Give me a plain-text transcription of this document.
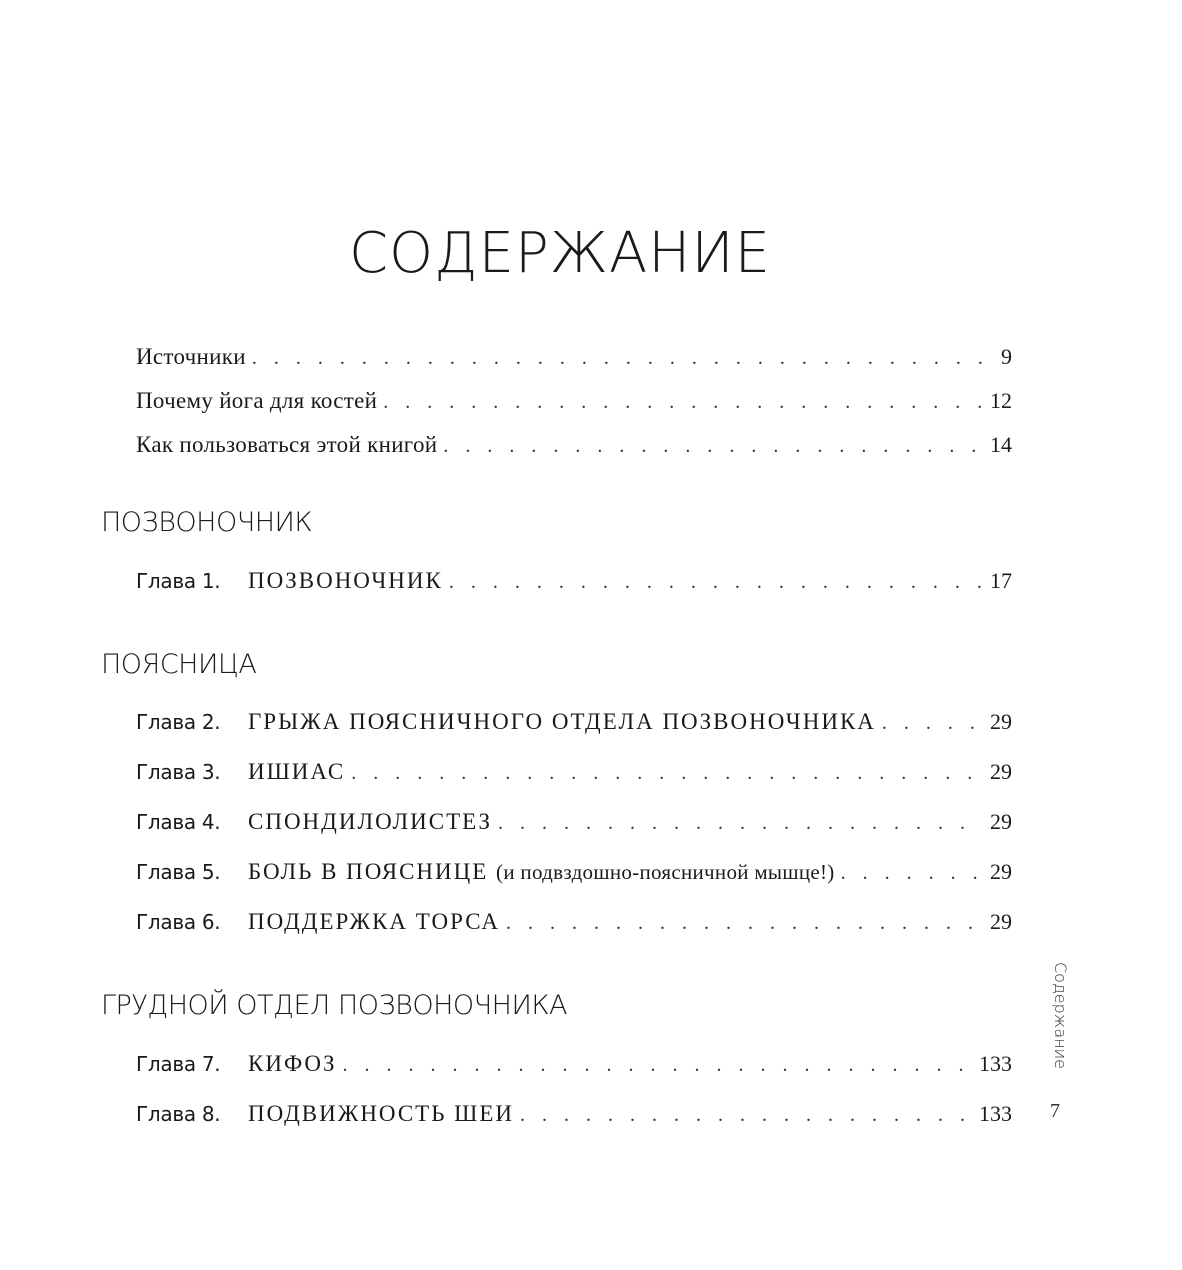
СОДЕРЖАНИЕ
Источники . . .	9
Почему йога для костей . . .	12
Как пользоваться этой книгой . . .	14
ПОЗВОНОЧНИК
Глава 1.	ПОЗВОНОЧНИК . . .	17
ПОЯСНИЦА
Глава 2.	ГРЫЖА ПОЯСНИЧНОГО ОТДЕЛА ПОЗВОНОЧНИКА . . .	29
Глава 3.	ИШИАС . . .	29
Глава 4.	СПОНДИЛОЛИСТЕЗ . . .	29
Глава 5.	БОЛЬ В ПОЯСНИЦЕ (и подвздошно-поясничной мышце!) . . .	29
Глава 6.	ПОДДЕРЖКА ТОРСА . . .	29
ГРУДНОЙ ОТДЕЛ ПОЗВОНОЧНИКА
Глава 7.	КИФОЗ . . .	133
Глава 8.	ПОДВИЖНОСТЬ ШЕИ . . .	133
Содержание
7
